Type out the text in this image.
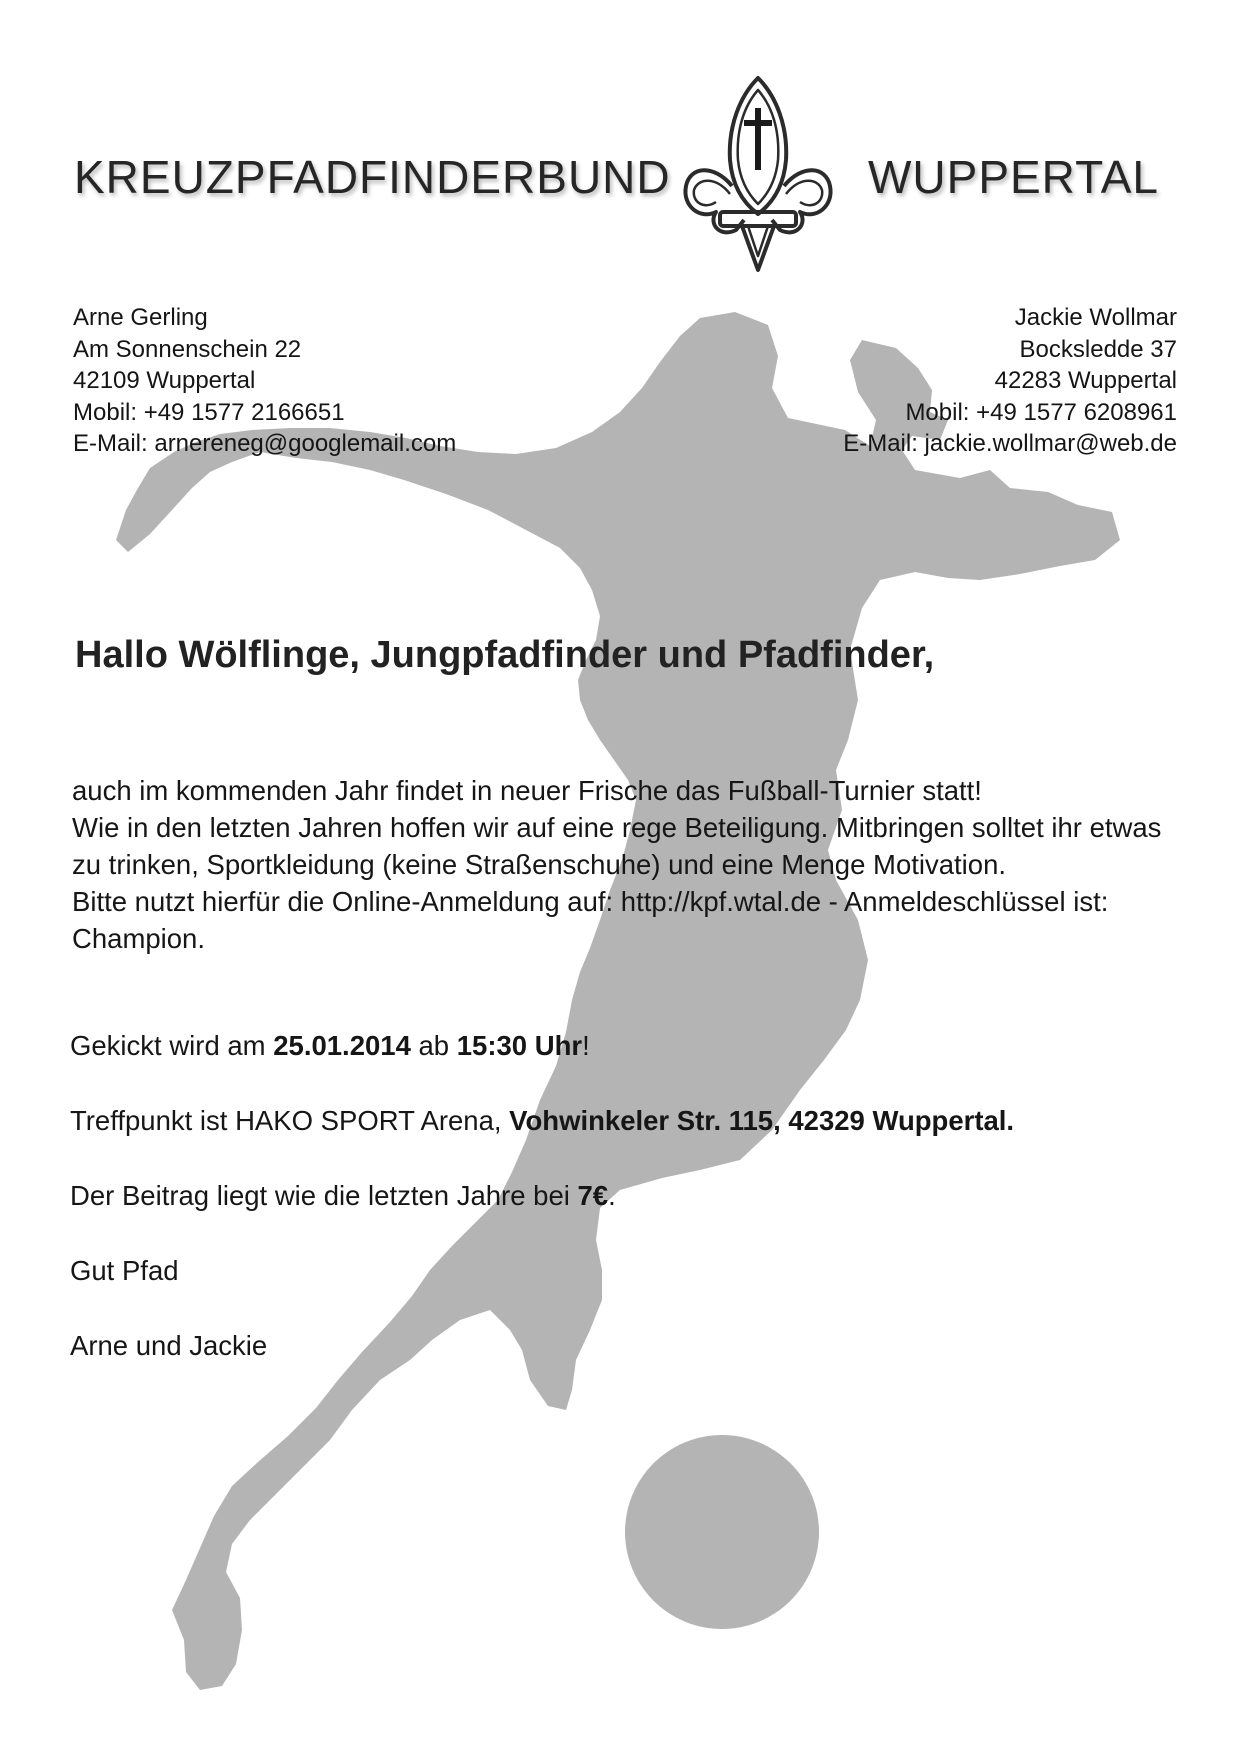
KREUZPFADFINDERBUND	WUPPERTAL
Arne Gerling
Am Sonnenschein 22
42109 Wuppertal
Mobil: +49 1577 2166651
E-Mail: arnereneg@googlemail.com
Jackie Wollmar
Bocksledde 37
42283 Wuppertal
Mobil: +49 1577 6208961
E-Mail: jackie.wollmar@web.de
Hallo Wölflinge, Jungpfadfinder und Pfadfinder,

auch im kommenden Jahr findet in neuer Frische das Fußball-Turnier statt!

Wie in den letzten Jahren hoffen wir auf eine rege Beteiligung. Mitbringen solltet ihr etwas zu trinken, Sportkleidung (keine Straßenschuhe) und eine Menge Motivation.

Bitte nutzt hierfür die Online-Anmeldung auf: http://kpf.wtal.de - Anmeldeschlüssel ist: Champion.

Gekickt wird am 25.01.2014 ab 15:30 Uhr!
Treffpunkt ist HAKO SPORT Arena, Vohwinkeler Str. 115, 42329 Wuppertal.
Der Beitrag liegt wie die letzten Jahre bei 7€.
Gut Pfad
Arne und Jackie
